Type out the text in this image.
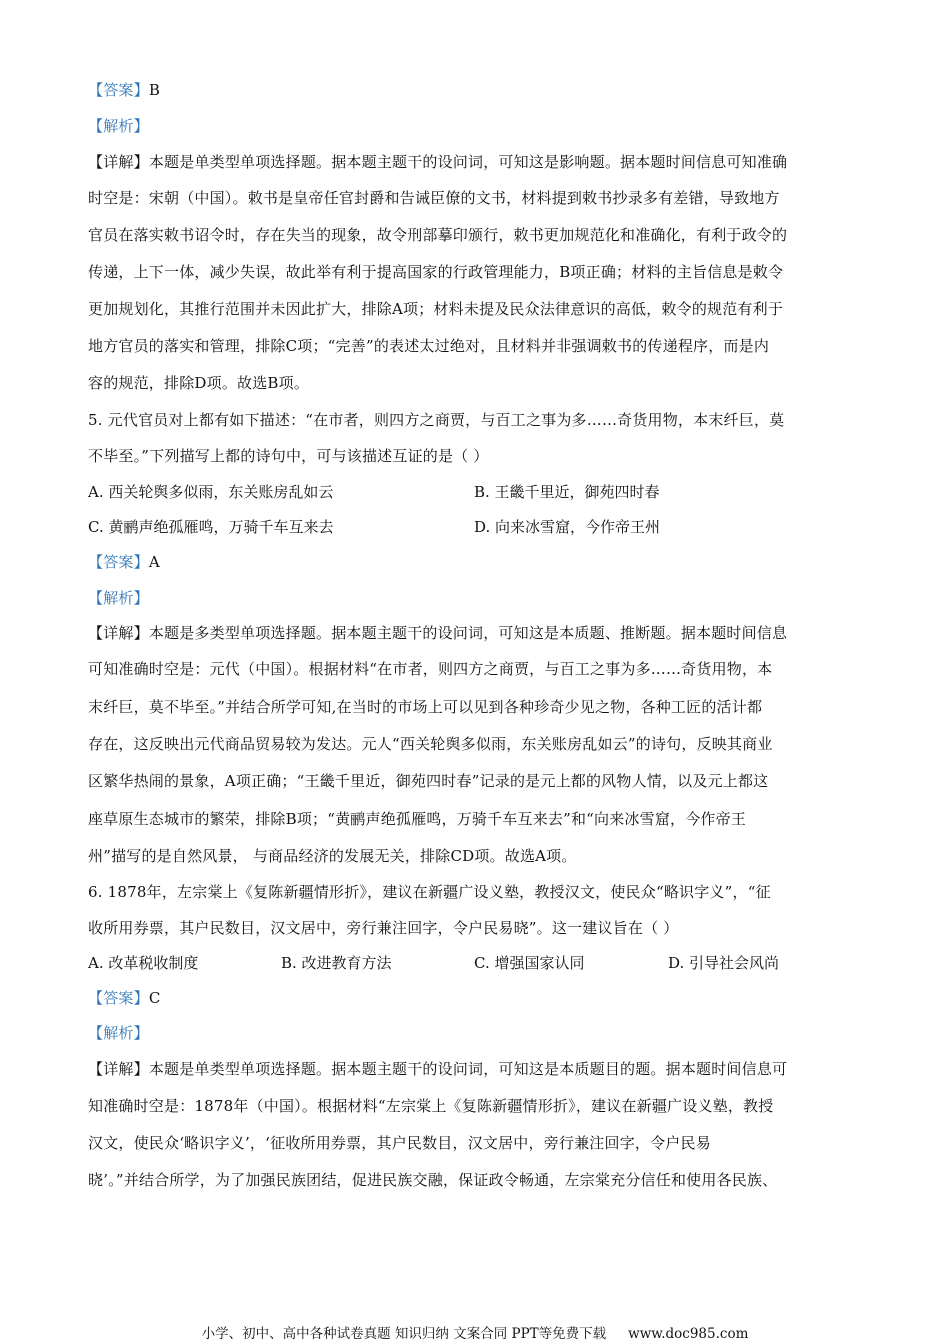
【答案】B
【解析】
【详解】本题是单类型单项选择题。据本题主题干的设问词，可知这是影响题。据本题时间信息可知准确
时空是：宋朝（中国）。敕书是皇帝任官封爵和告诫臣僚的文书，材料提到敕书抄录多有差错，导致地方
官员在落实敕书诏令时，存在失当的现象，故令刑部摹印颁行，敕书更加规范化和准确化，有利于政令的
传递，上下一体，减少失误，故此举有利于提高国家的行政管理能力，B项正确；材料的主旨信息是敕令
更加规划化，其推行范围并未因此扩大，排除A项；材料未提及民众法律意识的高低，敕令的规范有利于
地方官员的落实和管理，排除C项；“完善”的表述太过绝对，且材料并非强调敕书的传递程序，而是内
容的规范，排除D项。故选B项。
5. 元代官员对上都有如下描述：“在市者，则四方之商贾，与百工之事为多……奇货用物，本末纤巨，莫
不毕至。”下列描写上都的诗句中，可与该描述互证的是（ ）
A. 西关轮舆多似雨，东关账房乱如云	B. 王畿千里近，御苑四时春
C. 黄鹂声绝孤雁鸣，万骑千车互来去	D. 向来冰雪窟，今作帝王州
【答案】A
【解析】
【详解】本题是多类型单项选择题。据本题主题干的设问词，可知这是本质题、推断题。据本题时间信息
可知准确时空是：元代（中国）。根据材料“在市者，则四方之商贾，与百工之事为多……奇货用物，本
末纤巨，莫不毕至。”并结合所学可知,在当时的市场上可以见到各种珍奇少见之物，各种工匠的活计都
存在，这反映出元代商品贸易较为发达。元人“西关轮舆多似雨，东关账房乱如云”的诗句，反映其商业
区繁华热闹的景象，A项正确；“王畿千里近，御苑四时春”记录的是元上都的风物人情，以及元上都这
座草原生态城市的繁荣，排除B项；“黄鹂声绝孤雁鸣，万骑千车互来去”和“向来冰雪窟，今作帝王
州”描写的是自然风景， 与商品经济的发展无关，排除CD项。故选A项。
6. 1878年，左宗棠上《复陈新疆情形折》，建议在新疆广设义塾，教授汉文，使民众“略识字义”，“征
收所用券票，其户民数目，汉文居中，旁行兼注回字，令户民易晓”。这一建议旨在（ ）
A. 改革税收制度	B. 改进教育方法	C. 增强国家认同	D. 引导社会风尚
【答案】C
【解析】
【详解】本题是单类型单项选择题。据本题主题干的设问词，可知这是本质题目的题。据本题时间信息可
知准确时空是：1878年（中国）。根据材料“左宗棠上《复陈新疆情形折》，建议在新疆广设义塾，教授
汉文，使民众‘略识字义’，‘征收所用券票，其户民数目，汉文居中，旁行兼注回字，令户民易
晓’。”并结合所学，为了加强民族团结，促进民族交融，保证政令畅通，左宗棠充分信任和使用各民族、
小学、初中、高中各种试卷真题 知识归纳 文案合同 PPT等免费下载 www.doc985.com
